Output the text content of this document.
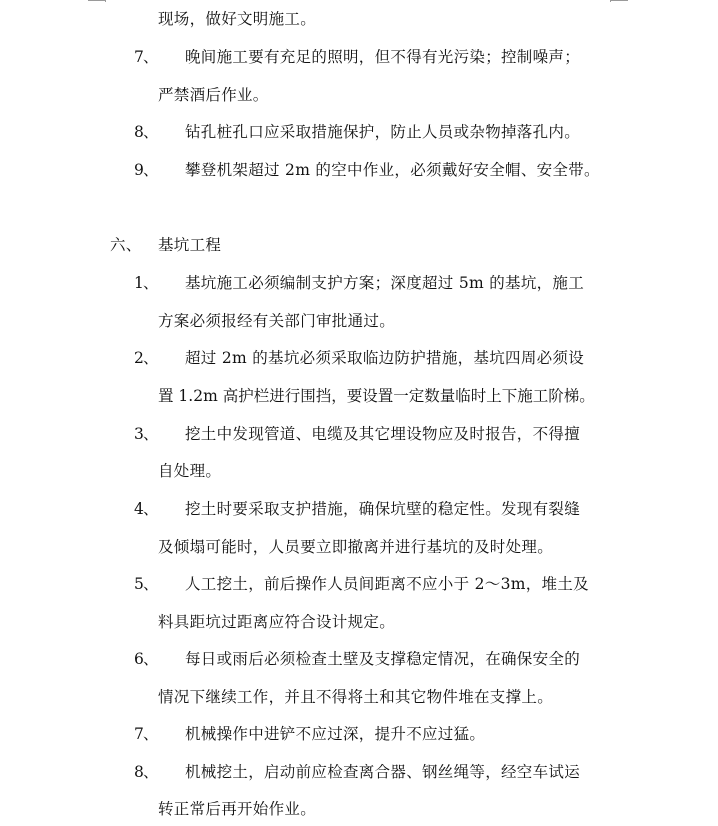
现场，做好文明施工。
7 、 晚间施工要有充足的照明，但不得有光污染；控制噪声；
严禁酒后作业。
8 、 钻孔桩孔口应采取措施保护，防止人员或杂物掉落孔内。
9 、 攀登机架超过 2m 的空中作业，必须戴好安全帽、安全带。
六、 基坑工程
1 、 基坑施工必须编制支护方案；深度超过 5m 的基坑，施工
方案必须报经有关部门审批通过。
2 、 超过 2m 的基坑必须采取临边防护措施，基坑四周必须设
置 1.2m 高护栏进行围挡，要设置一定数量临时上下施工阶梯。
3 、 挖土中发现管道、电缆及其它埋设物应及时报告，不得擅
自处理。
4 、 挖土时要采取支护措施，确保坑壁的稳定性。发现有裂缝
及倾塌可能时，人员要立即撤离并进行基坑的及时处理。
5 、 人工挖土，前后操作人员间距离不应小于 2～3m，堆土及
料具距坑过距离应符合设计规定。
6 、 每日或雨后必须检查土壁及支撑稳定情况，在确保安全的
情况下继续工作，并且不得将土和其它物件堆在支撑上。
7 、 机械操作中进铲不应过深，提升不应过猛。
8 、 机械挖土，启动前应检查离合器、钢丝绳等，经空车试运
转正常后再开始作业。
